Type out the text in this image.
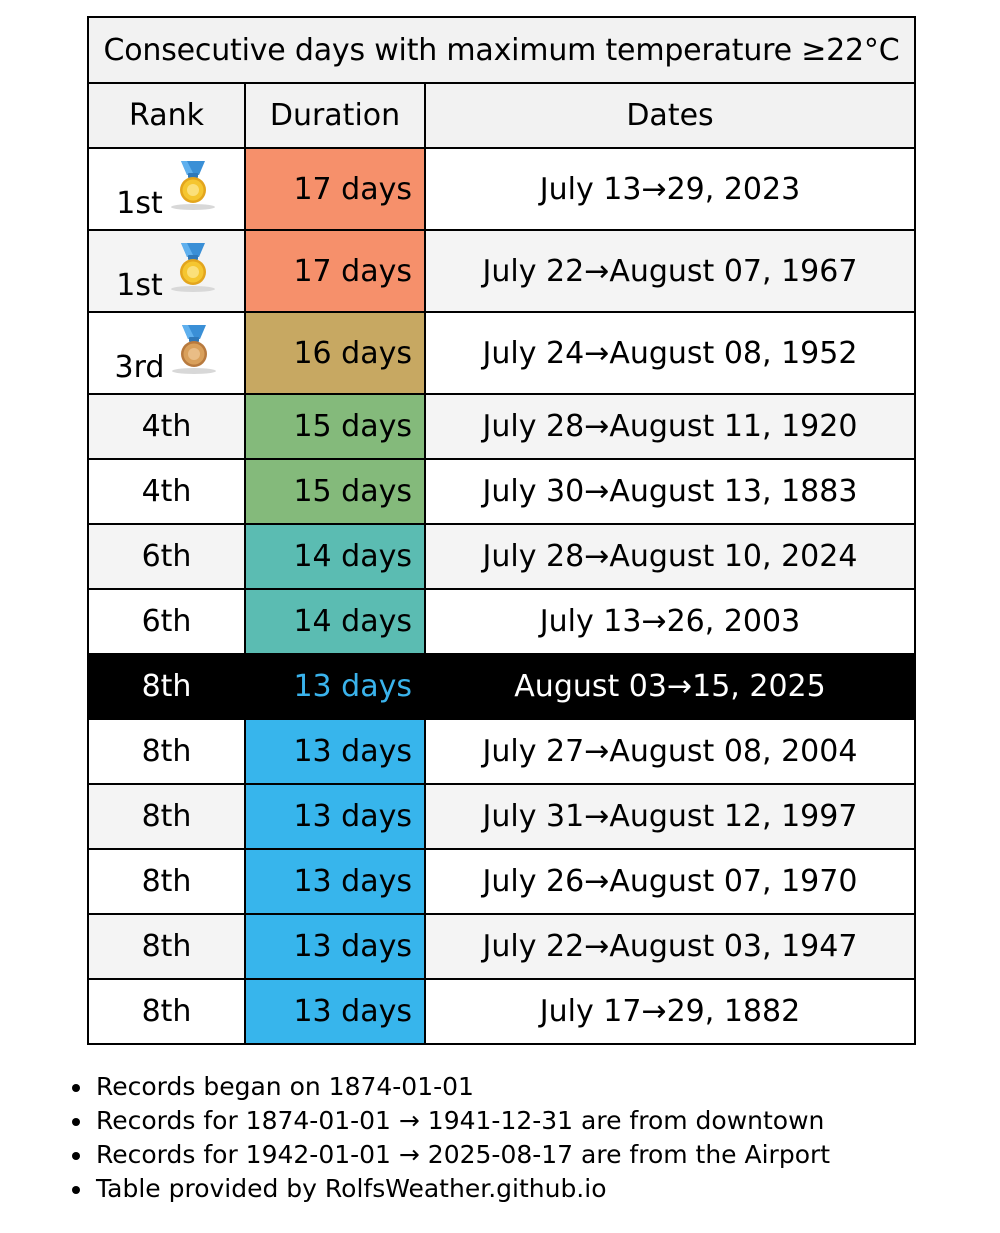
Consecutive days with maximum temperature ≥22°C		
Rank	Duration	Dates

1st	17 days	July 13→29, 2023

1st	17 days	July 22→August 07, 1967

3rd	16 days	July 24→August 08, 1952
4th	15 days	July 28→August 11, 1920
4th	15 days	July 30→August 13, 1883
6th	14 days	July 28→August 10, 2024
6th	14 days	July 13→26, 2003
8th	13 days	August 03→15, 2025
8th	13 days	July 27→August 08, 2004
8th	13 days	July 31→August 12, 1997
8th	13 days	July 26→August 07, 1970
8th	13 days	July 22→August 03, 1947
8th	13 days	July 17→29, 1882
Records began on 1874-01-01
Records for 1874-01-01 → 1941-12-31 are from downtown
Records for 1942-01-01 → 2025-08-17 are from the Airport
Table provided by RolfsWeather.github.io
